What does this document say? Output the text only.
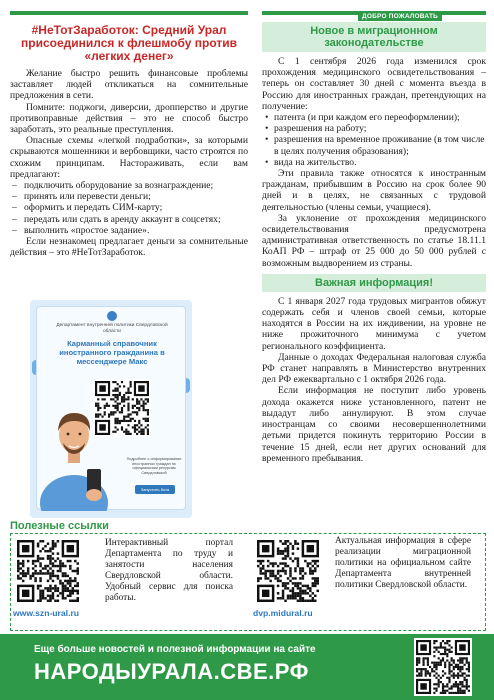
ДОБРО ПОЖАЛОВАТЬ
#НеТотЗаработок: Средний Урал присоединился к флешмобу против «легких денег»

Желание быстро решить финансовые проблемы заставляет людей откликаться на сомнительные предложения в сети.

Помните: поджоги, диверсии, дропперство и другие противоправные действия – это не способ быстро заработать, это реальные преступления.

Опасные схемы «легкой подработки», за которыми скрываются мошенники и вербовщики, часто строятся по схожим принципам. Настораживать, если вам предлагают:

– подключить оборудование за вознаграждение;
– принять или перевести деньги;
– оформить и передать СИМ-карту;
– передать или сдать в аренду аккаунт в соцсетях;
– выполнить «простое задание».

Если незнакомец предлагает деньги за сомнительные действия – это #НеТотЗаработок.

Департамент внутренней политики Свердловской области
Карманный справочник иностранного гражданина в мессенджере Макс
Подробнее о информировании иностранных граждан по официальным ресурсам Свердловской
Запустить бота
Новое в миграционном законодательстве

С 1 сентября 2026 года изменился срок прохождения медицинского освидетельствования – теперь он составляет 30 дней с момента въезда в Россию для иностранных граждан, претендующих на получение:

• патента (и при каждом его переоформлении);
• разрешения на работу;
• разрешения на временное проживание (в том числе в целях получения образования);
• вида на жительство.

Эти правила также относятся к иностранным гражданам, прибывшим в Россию на срок более 90 дней и в целях, не связанных с трудовой деятельностью (члены семьи, учащиеся).

За уклонение от прохождения медицинского освидетельствования предусмотрена административная ответственность по статье 18.11.1 КоАП РФ – штраф от 25 000 до 50 000 рублей с возможным выдворением из страны.

Важная информация!

С 1 января 2027 года трудовых мигрантов обяжут содержать себя и членов своей семьи, которые находятся в России на их иждивении, на уровне не ниже прожиточного минимума с учетом регионального коэффициента.

Данные о доходах Федеральная налоговая служба РФ станет направлять в Министерство внутренних дел РФ ежеквартально с 1 октября 2026 года.

Если информация не поступит либо уровень дохода окажется ниже установленного, патент не выдадут либо аннулируют. В этом случае иностранцам со своими несовершеннолетними детьми придется покинуть территорию России в течение 15 дней, если нет других оснований для временного пребывания.

Полезные ссылки
www.szn-ural.ru
Интерактивный портал Департамента по труду и занятости населения Свердловской области. Удобный сервис для поиска работы.
dvp.midural.ru
Актуальная информация в сфере реализации миграционной политики на официальном сайте Департамента внутренней политики Свердловской области.
Еще больше новостей и полезной информации на сайте
НАРОДЫУРАЛА.СВЕ.РФ
